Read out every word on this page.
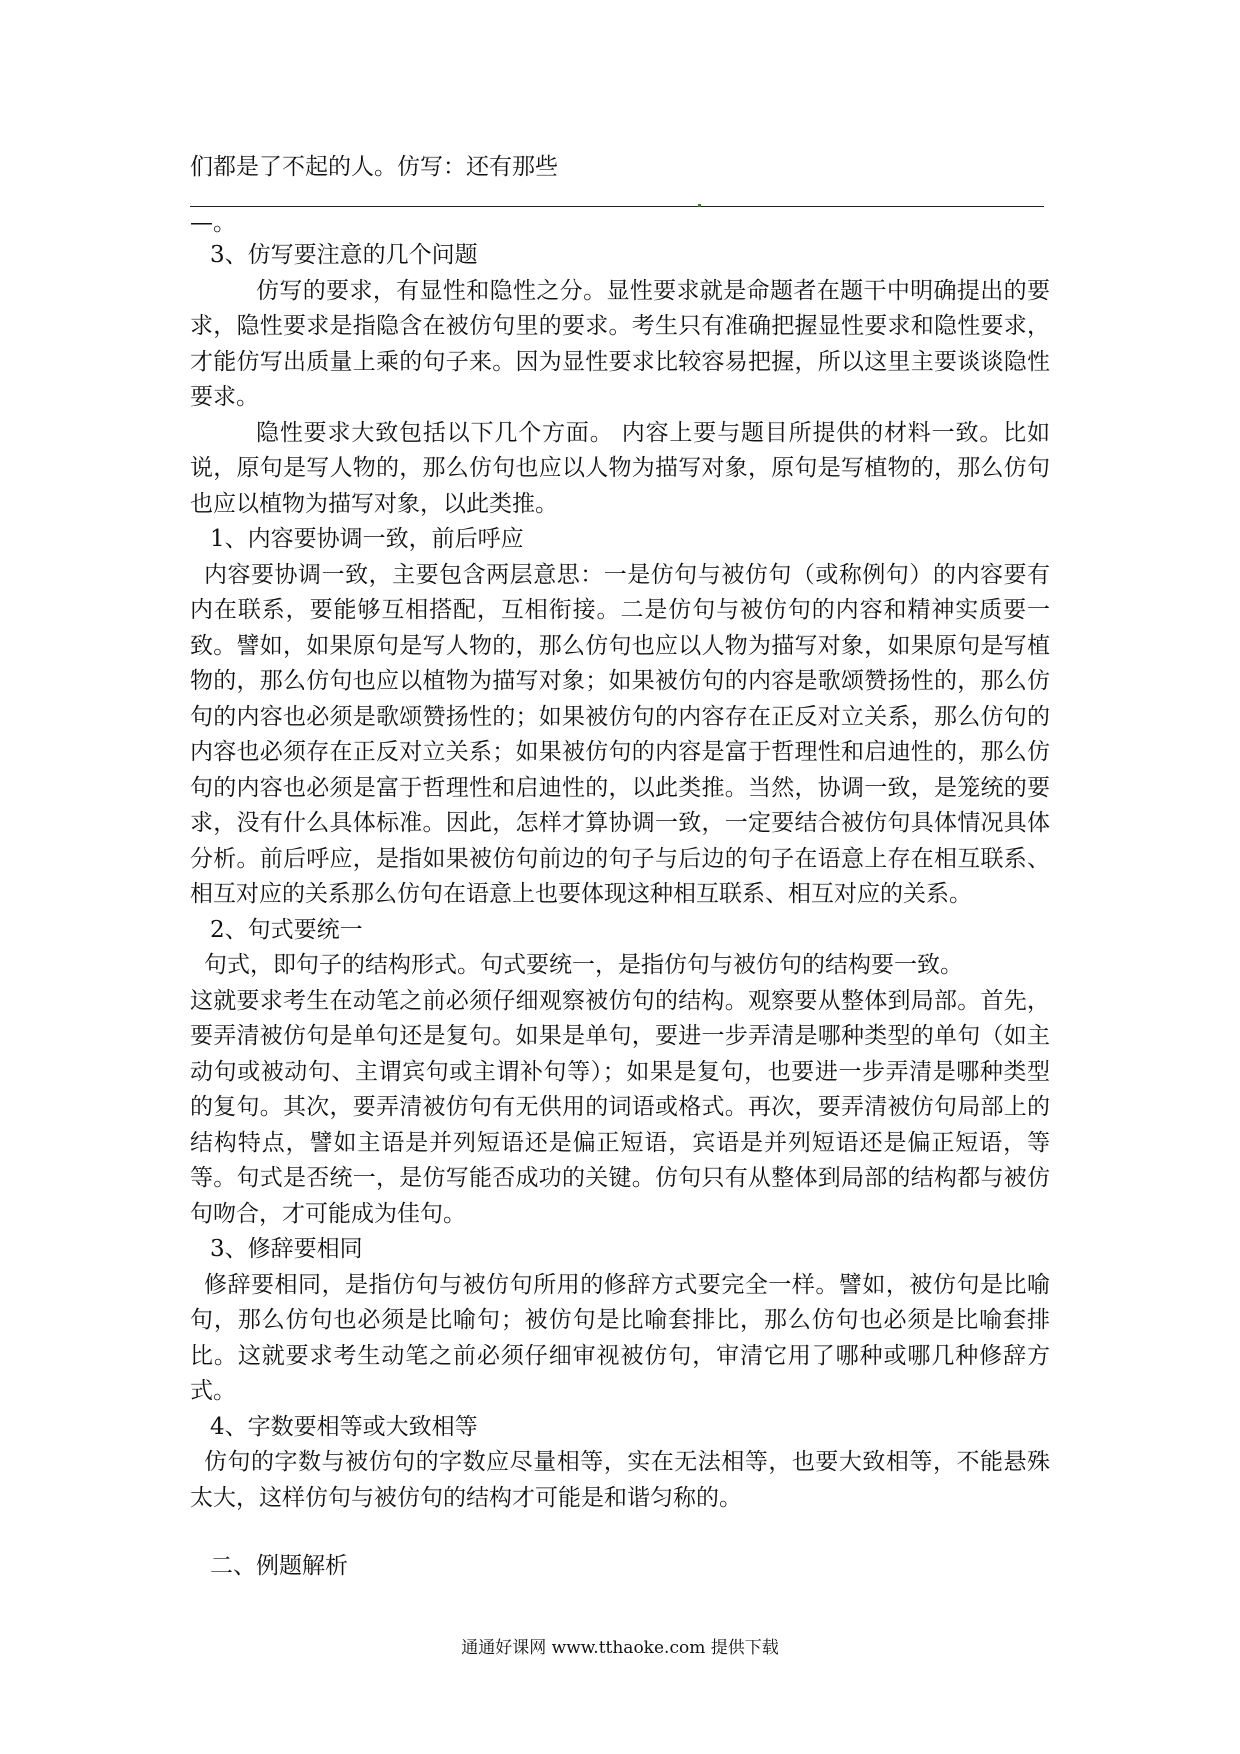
们都是了不起的人。仿写：还有那些

—。

3、仿写要注意的几个问题

仿写的要求，有显性和隐性之分。显性要求就是命题者在题干中明确提出的要求，隐性要求是指隐含在被仿句里的要求。考生只有准确把握显性要求和隐性要求，才能仿写出质量上乘的句子来。因为显性要求比较容易把握，所以这里主要谈谈隐性要求。

隐性要求大致包括以下几个方面。 内容上要与题目所提供的材料一致。比如说，原句是写人物的，那么仿句也应以人物为描写对象，原句是写植物的，那么仿句也应以植物为描写对象，以此类推。

1、内容要协调一致，前后呼应

内容要协调一致，主要包含两层意思：一是仿句与被仿句（或称例句）的内容要有内在联系，要能够互相搭配，互相衔接。二是仿句与被仿句的内容和精神实质要一致。譬如，如果原句是写人物的，那么仿句也应以人物为描写对象，如果原句是写植物的，那么仿句也应以植物为描写对象；如果被仿句的内容是歌颂赞扬性的，那么仿句的内容也必须是歌颂赞扬性的；如果被仿句的内容存在正反对立关系，那么仿句的内容也必须存在正反对立关系；如果被仿句的内容是富于哲理性和启迪性的，那么仿句的内容也必须是富于哲理性和启迪性的，以此类推。当然，协调一致，是笼统的要求，没有什么具体标准。因此，怎样才算协调一致，一定要结合被仿句具体情况具体分析。前后呼应，是指如果被仿句前边的句子与后边的句子在语意上存在相互联系、相互对应的关系那么仿句在语意上也要体现这种相互联系、相互对应的关系。

2、句式要统一

句式，即句子的结构形式。句式要统一，是指仿句与被仿句的结构要一致。

这就要求考生在动笔之前必须仔细观察被仿句的结构。观察要从整体到局部。首先，要弄清被仿句是单句还是复句。如果是单句，要进一步弄清是哪种类型的单句（如主动句或被动句、主谓宾句或主谓补句等）；如果是复句，也要进一步弄清是哪种类型的复句。其次，要弄清被仿句有无供用的词语或格式。再次，要弄清被仿句局部上的结构特点，譬如主语是并列短语还是偏正短语，宾语是并列短语还是偏正短语，等等。句式是否统一，是仿写能否成功的关键。仿句只有从整体到局部的结构都与被仿句吻合，才可能成为佳句。

3、修辞要相同

修辞要相同，是指仿句与被仿句所用的修辞方式要完全一样。譬如，被仿句是比喻句，那么仿句也必须是比喻句；被仿句是比喻套排比，那么仿句也必须是比喻套排比。这就要求考生动笔之前必须仔细审视被仿句，审清它用了哪种或哪几种修辞方式。

4、字数要相等或大致相等

仿句的字数与被仿句的字数应尽量相等，实在无法相等，也要大致相等，不能悬殊太大，这样仿句与被仿句的结构才可能是和谐匀称的。

二、例题解析

通通好课网 www.tthaoke.com 提供下载
